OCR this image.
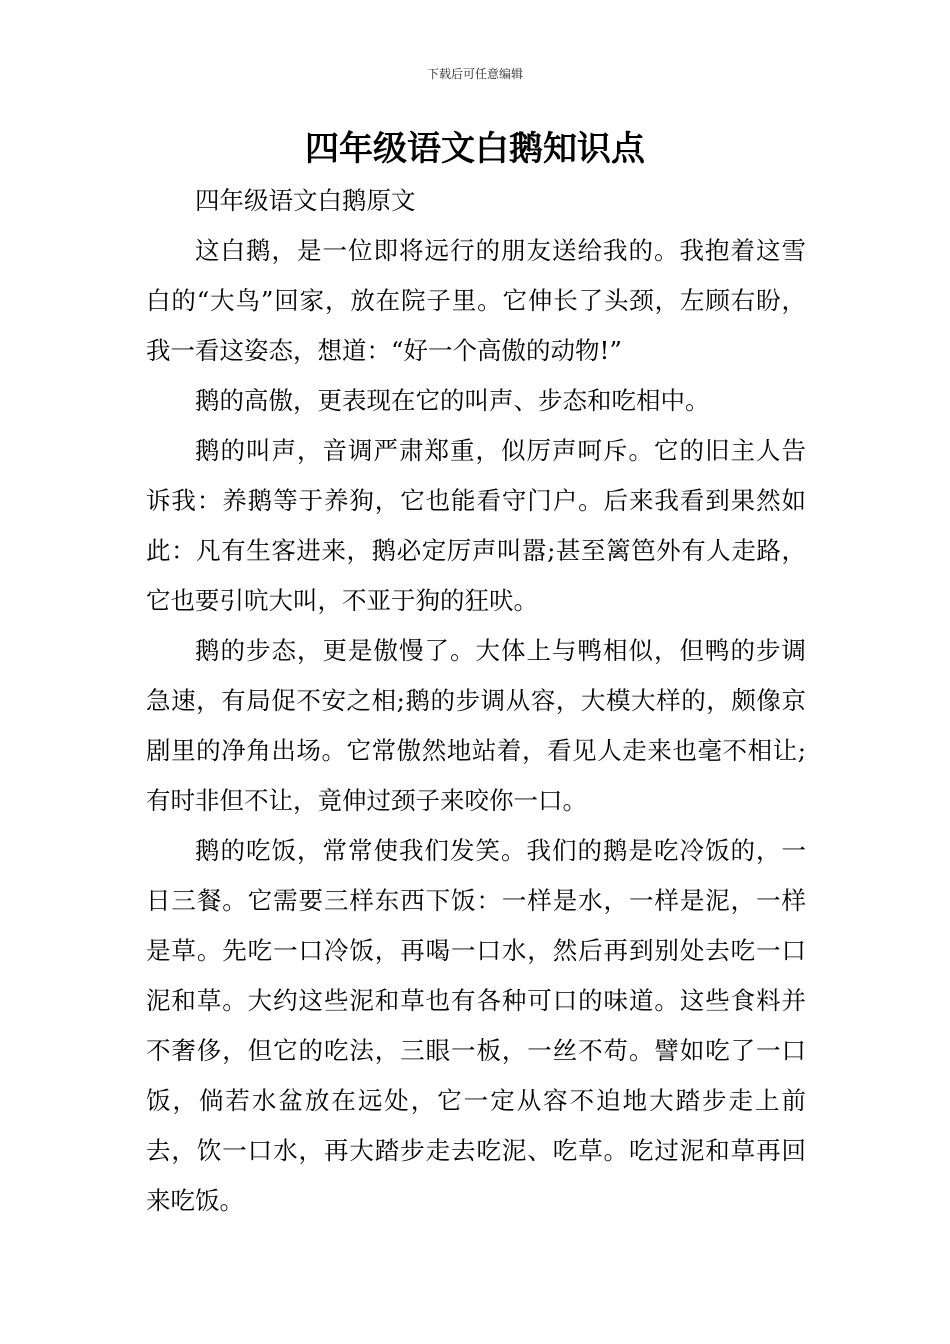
下载后可任意编辑
四年级语文白鹅知识点

四年级语文白鹅原文

这白鹅，是一位即将远行的朋友送给我的。我抱着这雪白的“大鸟”回家，放在院子里。它伸长了头颈，左顾右盼，我一看这姿态，想道：“好一个高傲的动物!”

鹅的高傲，更表现在它的叫声、步态和吃相中。

鹅的叫声，音调严肃郑重，似厉声呵斥。它的旧主人告诉我：养鹅等于养狗，它也能看守门户。后来我看到果然如此：凡有生客进来，鹅必定厉声叫嚣;甚至篱笆外有人走路，它也要引吭大叫，不亚于狗的狂吠。

鹅的步态，更是傲慢了。大体上与鸭相似，但鸭的步调急速，有局促不安之相;鹅的步调从容，大模大样的，颇像京剧里的净角出场。它常傲然地站着，看见人走来也毫不相让;有时非但不让，竟伸过颈子来咬你一口。

鹅的吃饭，常常使我们发笑。我们的鹅是吃冷饭的，一日三餐。它需要三样东西下饭：一样是水，一样是泥，一样是草。先吃一口冷饭，再喝一口水，然后再到别处去吃一口泥和草。大约这些泥和草也有各种可口的味道。这些食料并不奢侈，但它的吃法，三眼一板，一丝不苟。譬如吃了一口饭，倘若水盆放在远处，它一定从容不迫地大踏步走上前去，饮一口水，再大踏步走去吃泥、吃草。吃过泥和草再回来吃饭。
